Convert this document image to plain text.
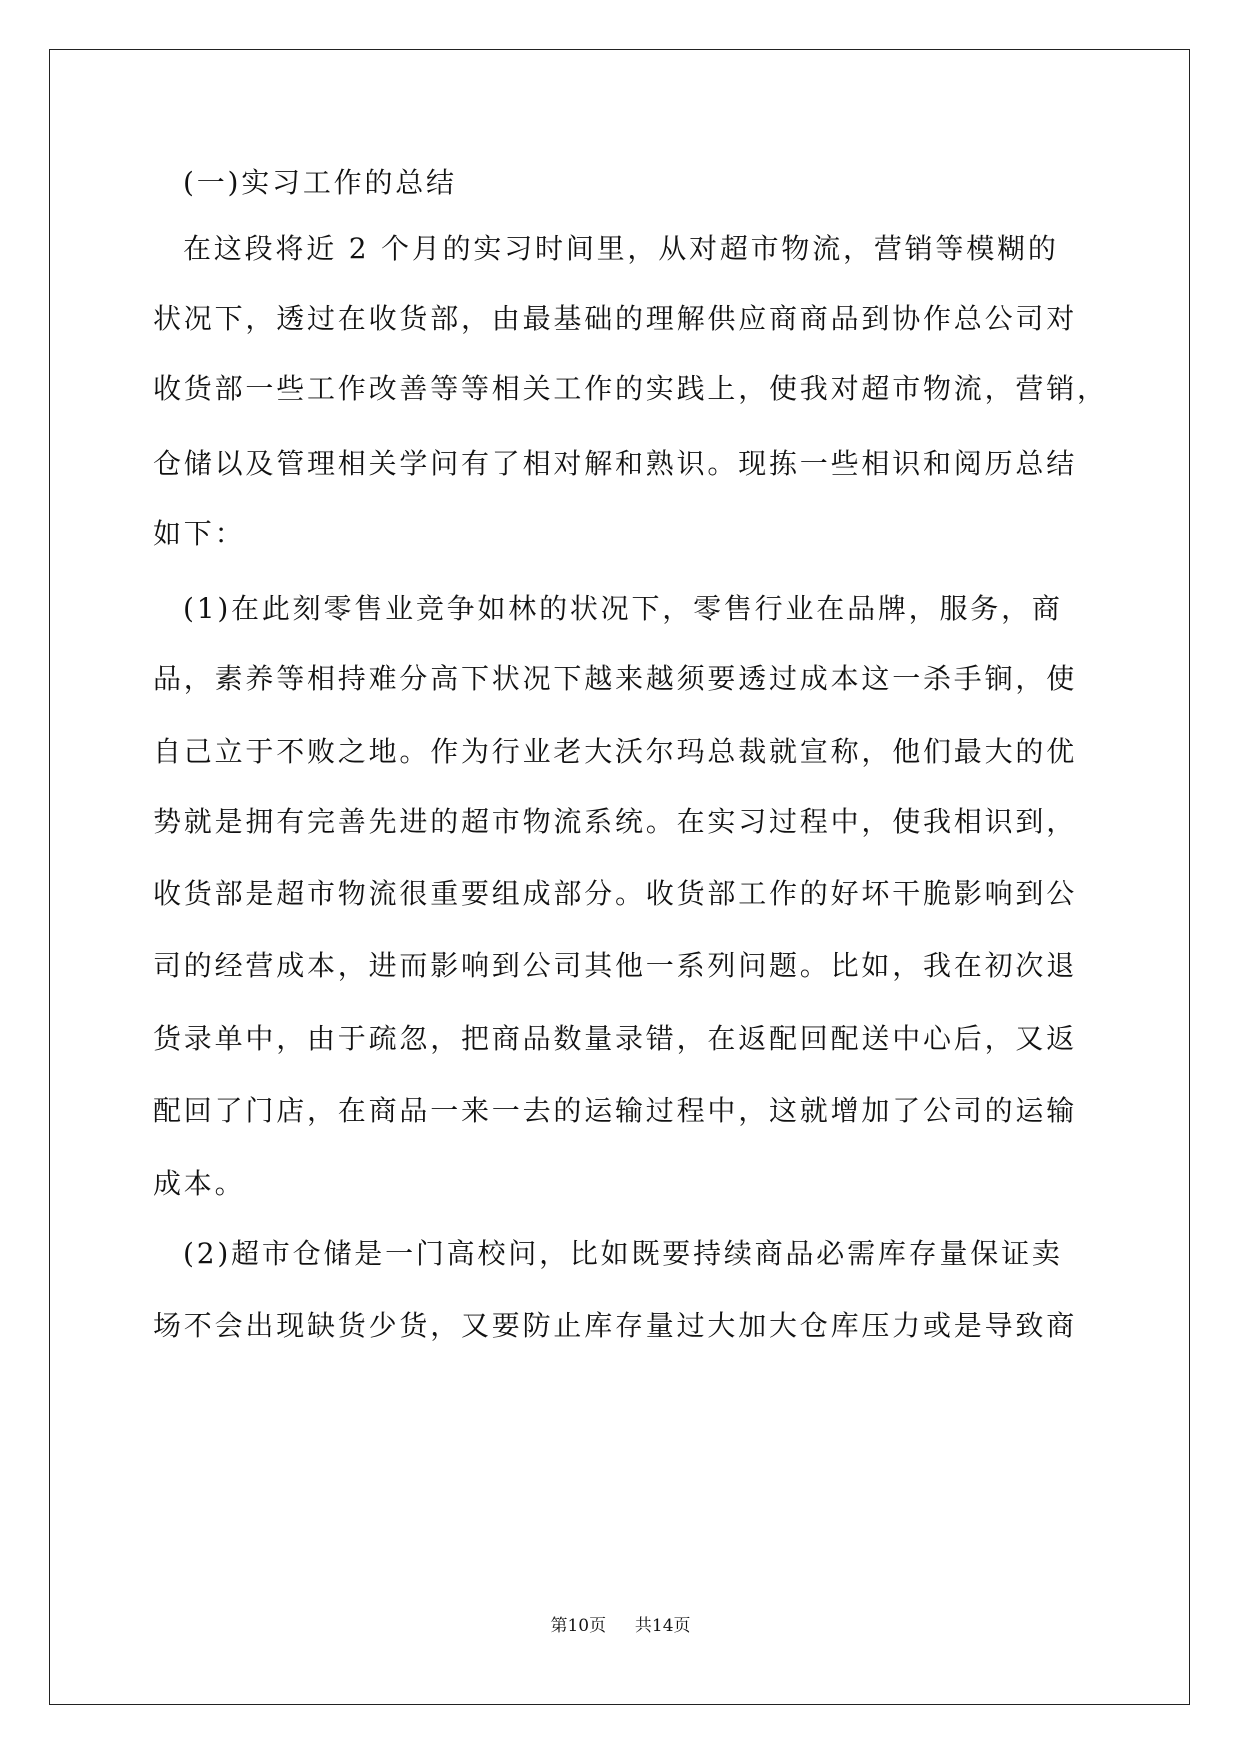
(一)实习工作的总结
在这段将近 2 个月的实习时间里，从对超市物流，营销等模糊的
状况下，透过在收货部，由最基础的理解供应商商品到协作总公司对
收货部一些工作改善等等相关工作的实践上，使我对超市物流，营销，
仓储以及管理相关学问有了相对解和熟识。现拣一些相识和阅历总结
如下：
(1)在此刻零售业竞争如林的状况下，零售行业在品牌，服务，商
品，素养等相持难分高下状况下越来越须要透过成本这一杀手锏，使
自己立于不败之地。作为行业老大沃尔玛总裁就宣称，他们最大的优
势就是拥有完善先进的超市物流系统。在实习过程中，使我相识到，
收货部是超市物流很重要组成部分。收货部工作的好坏干脆影响到公
司的经营成本，进而影响到公司其他一系列问题。比如，我在初次退
货录单中，由于疏忽，把商品数量录错，在返配回配送中心后，又返
配回了门店，在商品一来一去的运输过程中，这就增加了公司的运输
成本。
(2)超市仓储是一门高校问，比如既要持续商品必需库存量保证卖
场不会出现缺货少货，又要防止库存量过大加大仓库压力或是导致商
第10页 共14页
